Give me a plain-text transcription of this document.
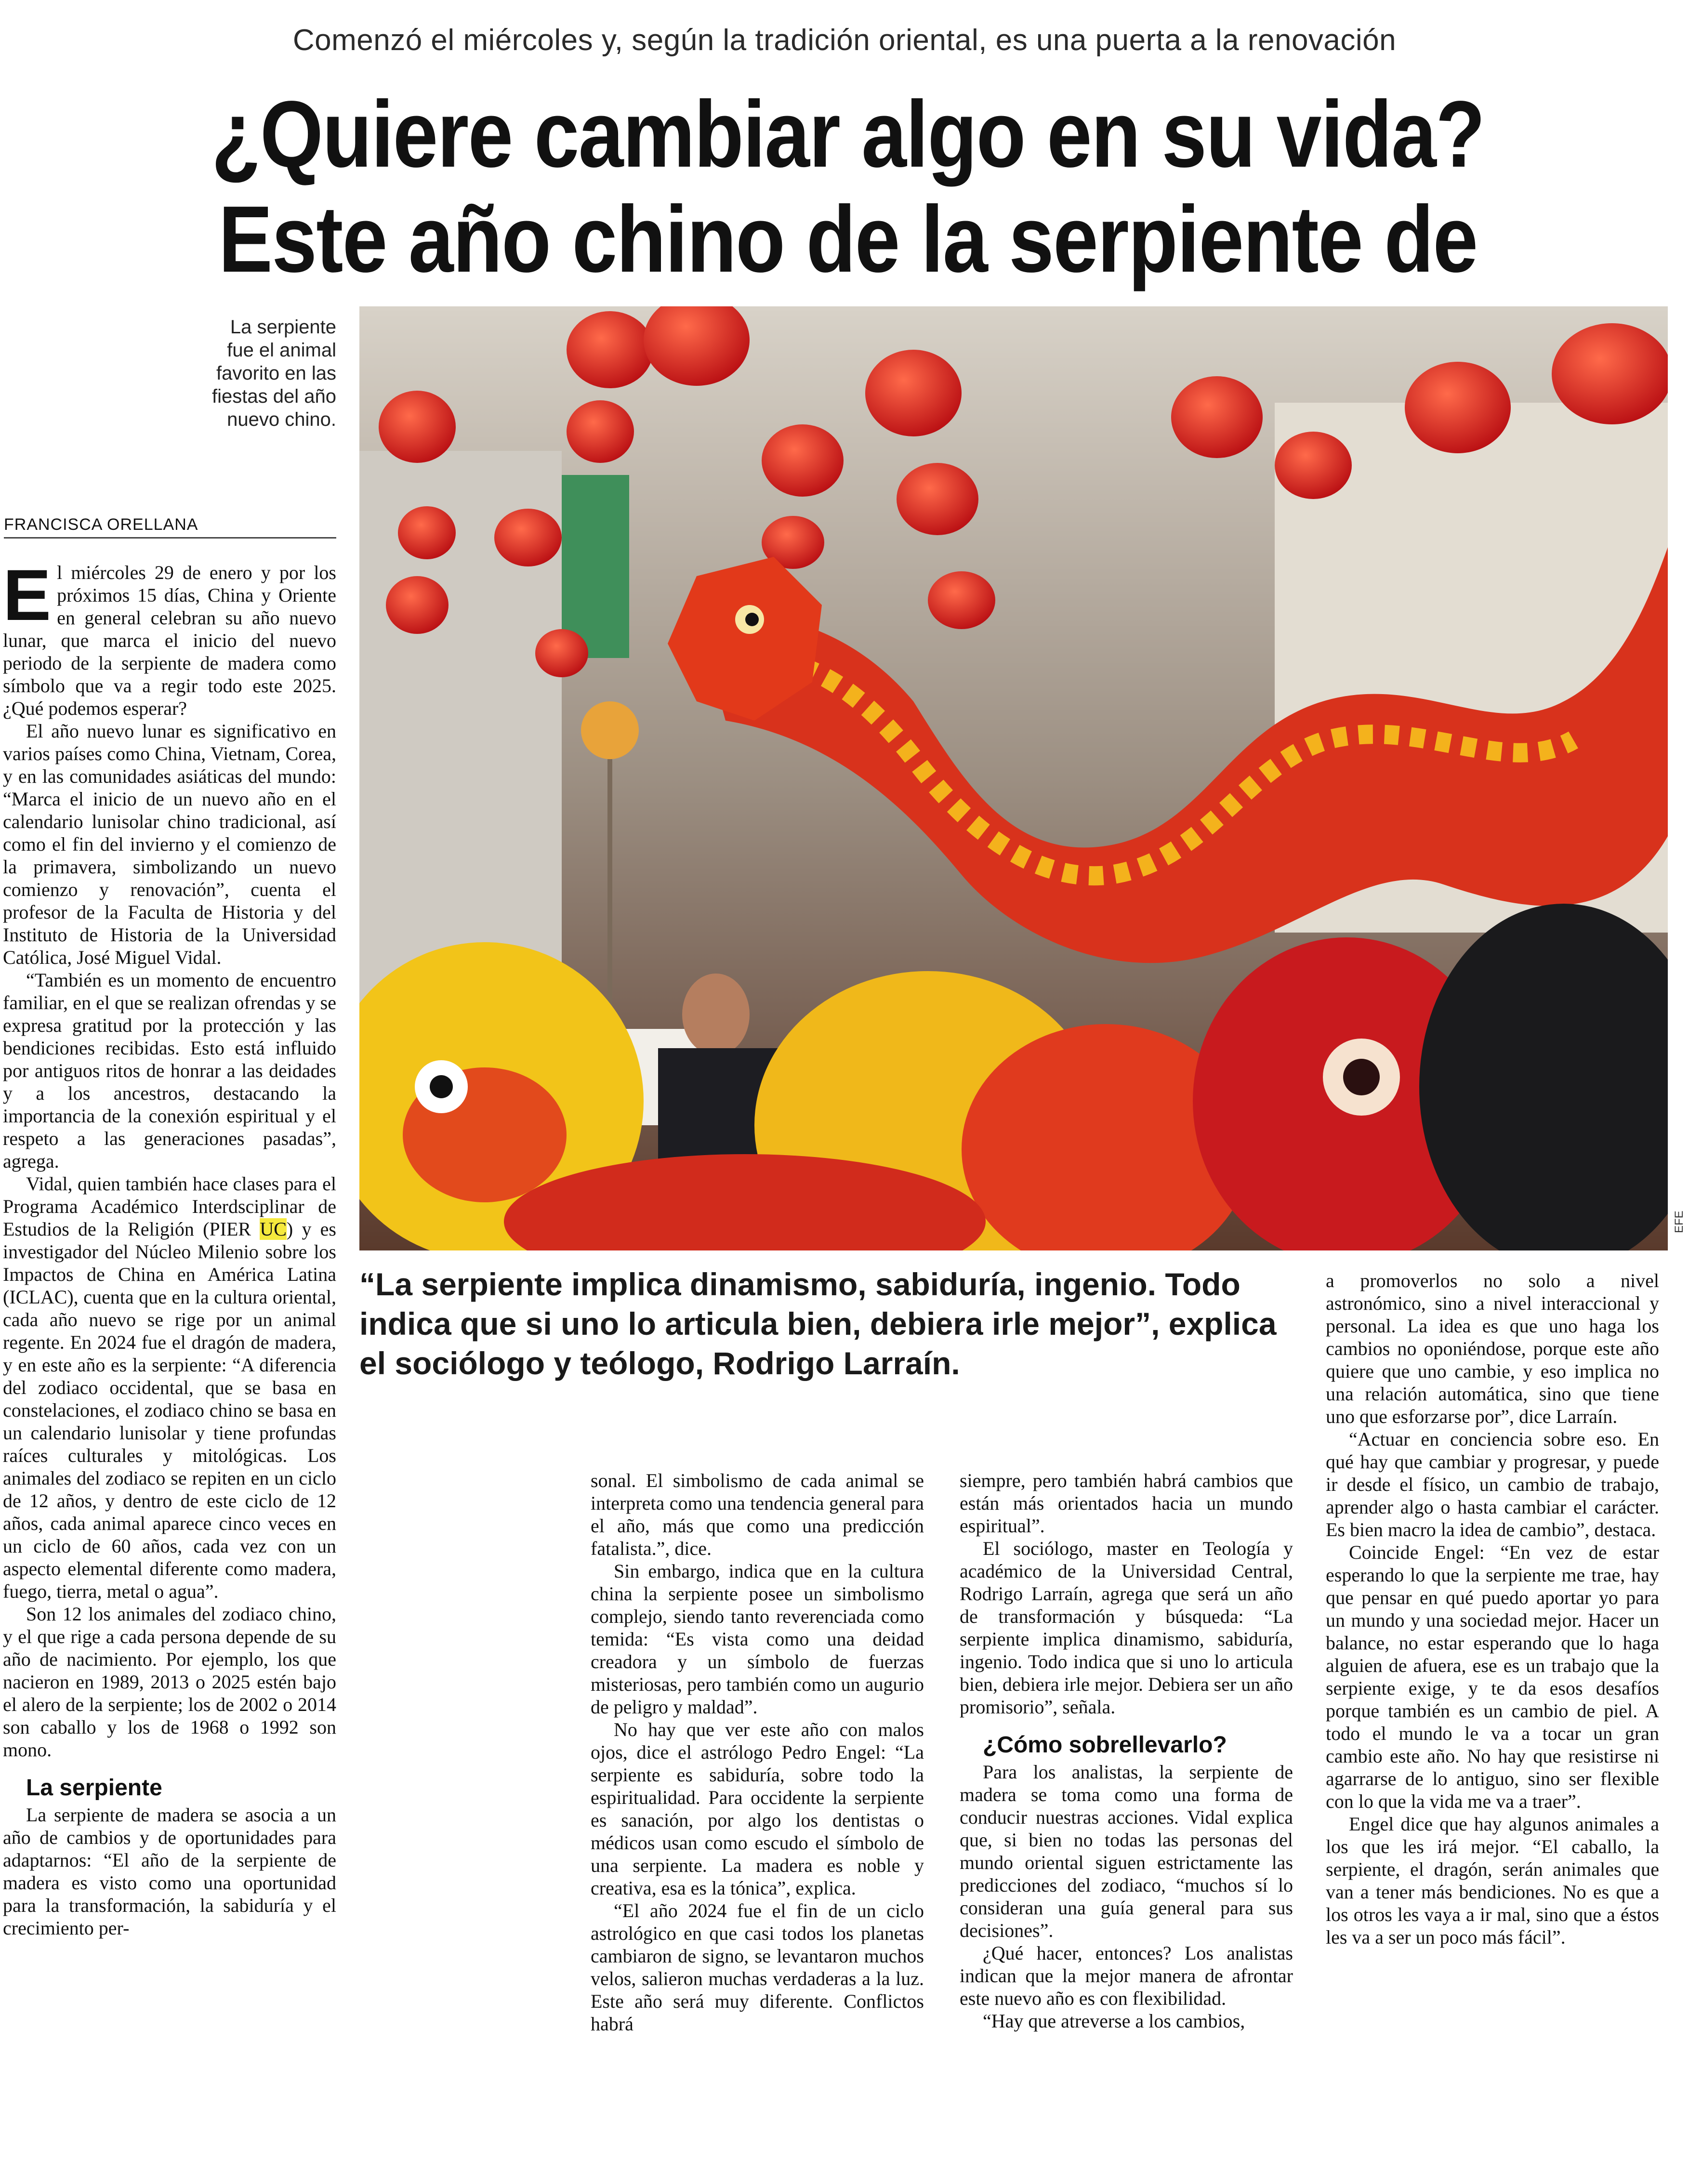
Comenzó el miércoles y, según la tradición oriental, es una puerta a la renovación
¿Quiere cambiar algo en su vida? Este año chino de la serpiente de
La serpiente fue el animal favorito en las fiestas del año nuevo chino.
FRANCISCA ORELLANA
EFE
“La serpiente implica dinamismo, sabiduría, ingenio. Todo indica que si uno lo articula bien, debiera irle mejor”, explica el sociólogo y teólogo, Rodrigo Larraín.

El miércoles 29 de enero y por los próximos 15 días, China y Oriente en general celebran su año nuevo lunar, que marca el inicio del nuevo periodo de la serpiente de madera como símbolo que va a regir todo este 2025. ¿Qué podemos esperar?

El año nuevo lunar es significativo en varios países como China, Vietnam, Corea, y en las comunidades asiáticas del mundo: “Marca el inicio de un nuevo año en el calendario lunisolar chino tradicional, así como el fin del invierno y el comienzo de la primavera, simbolizando un nuevo comienzo y renovación”, cuenta el profesor de la Faculta de Historia y del Instituto de Historia de la Universidad Católica, José Miguel Vidal.

“También es un momento de encuentro familiar, en el que se realizan ofrendas y se expresa gratitud por la protección y las bendiciones recibidas. Esto está influido por antiguos ritos de honrar a las deidades y a los ancestros, destacando la importancia de la conexión espiritual y el respeto a las generaciones pasadas”, agrega.

Vidal, quien también hace clases para el Programa Académico Interdsciplinar de Estudios de la Religión (PIER UC) y es investigador del Núcleo Milenio sobre los Impactos de China en América Latina (ICLAC), cuenta que en la cultura oriental, cada año nuevo se rige por un animal regente. En 2024 fue el dragón de madera, y en este año es la serpiente: “A diferencia del zodiaco occidental, que se basa en constelaciones, el zodiaco chino se basa en un calendario lunisolar y tiene profundas raíces culturales y mitológicas. Los animales del zodiaco se repiten en un ciclo de 12 años, y dentro de este ciclo de 12 años, cada animal aparece cinco veces en un ciclo de 60 años, cada vez con un aspecto elemental diferente como madera, fuego, tierra, metal o agua”.

Son 12 los animales del zodiaco chino, y el que rige a cada persona depende de su año de nacimiento. Por ejemplo, los que nacieron en 1989, 2013 o 2025 estén bajo el alero de la serpiente; los de 2002 o 2014 son caballo y los de 1968 o 1992 son mono.

La serpiente

La serpiente de madera se asocia a un año de cambios y de oportunidades para adaptarnos: “El año de la serpiente de madera es visto como una oportunidad para la transformación, la sabiduría y el crecimiento per-

sonal. El simbolismo de cada animal se interpreta como una tendencia general para el año, más que como una predicción fatalista.”, dice.

Sin embargo, indica que en la cultura china la serpiente posee un simbolismo complejo, siendo tanto reverenciada como temida: “Es vista como una deidad creadora y un símbolo de fuerzas misteriosas, pero también como un augurio de peligro y maldad”.

No hay que ver este año con malos ojos, dice el astrólogo Pedro Engel: “La serpiente es sabiduría, sobre todo la espiritualidad. Para occidente la serpiente es sanación, por algo los dentistas o médicos usan como escudo el símbolo de una serpiente. La madera es noble y creativa, esa es la tónica”, explica.

“El año 2024 fue el fin de un ciclo astrológico en que casi todos los planetas cambiaron de signo, se levantaron muchos velos, salieron muchas verdaderas a la luz. Este año será muy diferente. Conflictos habrá

siempre, pero también habrá cambios que están más orientados hacia un mundo espiritual”.

El sociólogo, master en Teología y académico de la Universidad Central, Rodrigo Larraín, agrega que será un año de transformación y búsqueda: “La serpiente implica dinamismo, sabiduría, ingenio. Todo indica que si uno lo articula bien, debiera irle mejor. Debiera ser un año promisorio”, señala.

¿Cómo sobrellevarlo?

Para los analistas, la serpiente de madera se toma como una forma de conducir nuestras acciones. Vidal explica que, si bien no todas las personas del mundo oriental siguen estrictamente las predicciones del zodiaco, “muchos sí lo consideran una guía general para sus decisiones”.

¿Qué hacer, entonces? Los analistas indican que la mejor manera de afrontar este nuevo año es con flexibilidad.

“Hay que atreverse a los cambios,

a promoverlos no solo a nivel astronómico, sino a nivel interaccional y personal. La idea es que uno haga los cambios no oponiéndose, porque este año quiere que uno cambie, y eso implica no una relación automática, sino que tiene uno que esforzarse por”, dice Larraín.

“Actuar en conciencia sobre eso. En qué hay que cambiar y progresar, y puede ir desde el físico, un cambio de trabajo, aprender algo o hasta cambiar el carácter. Es bien macro la idea de cambio”, destaca.

Coincide Engel: “En vez de estar esperando lo que la serpiente me trae, hay que pensar en qué puedo aportar yo para un mundo y una sociedad mejor. Hacer un balance, no estar esperando que lo haga alguien de afuera, ese es un trabajo que la serpiente exige, y te da esos desafíos porque también es un cambio de piel. A todo el mundo le va a tocar un gran cambio este año. No hay que resistirse ni agarrarse de lo antiguo, sino ser flexible con lo que la vida me va a traer”.

Engel dice que hay algunos animales a los que les irá mejor. “El caballo, la serpiente, el dragón, serán animales que van a tener más bendiciones. No es que a los otros les vaya a ir mal, sino que a éstos les va a ser un poco más fácil”.
